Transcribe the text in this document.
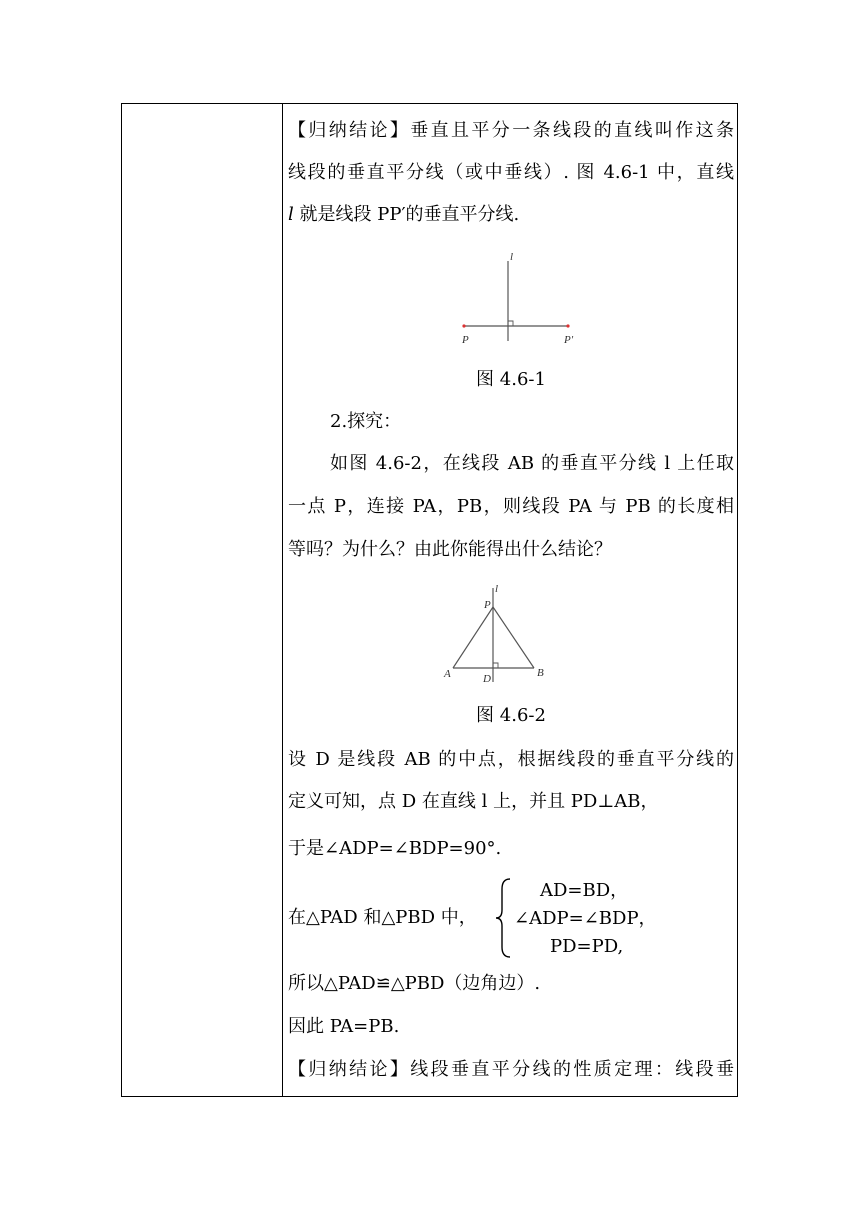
【归纳结论】垂直且平分一条线段的直线叫作这条
线段的垂直平分线（或中垂线）. 图 4.6-1 中，直线
l 就是线段 PP′的垂直平分线.
l
P	P′
图 4.6-1
2.探究：
如图 4.6-2，在线段 AB 的垂直平分线 l 上任取
一点 P，连接 PA，PB，则线段 PA 与 PB 的长度相
等吗？为什么？由此你能得出什么结论？
P
l
A	B
D
图 4.6-2
设 D 是线段 AB 的中点，根据线段的垂直平分线的
定义可知，点 D 在直线 l 上，并且 PD⊥AB，
于是∠ADP=∠BDP=90°.
在△PAD 和△PBD 中，
AD=BD，
∠ADP=∠BDP，
PD=PD,
所以△PAD≌△PBD（边角边）.
因此 PA=PB.
【归纳结论】线段垂直平分线的性质定理：线段垂
